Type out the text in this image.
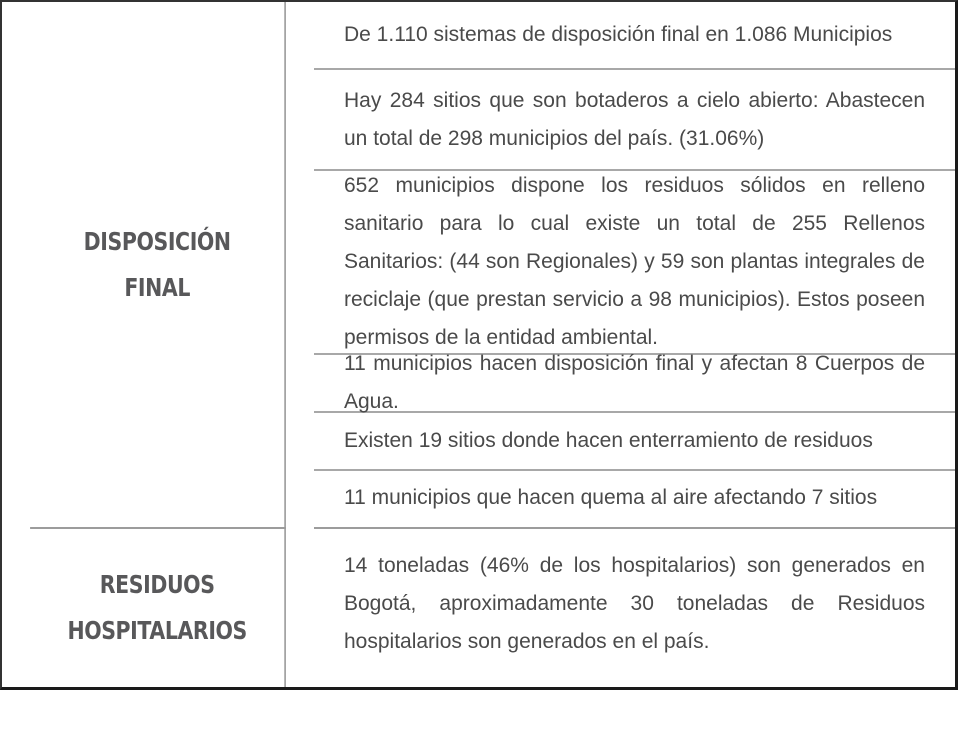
DISPOSICIÓN
FINAL
De 1.110 sistemas de disposición final en 1.086 Municipios
Hay 284 sitios que son botaderos a cielo abierto: Abastecen un total de 298 municipios del país. (31.06%)
652 municipios dispone los residuos sólidos en relleno sanitario para lo cual existe un total de 255 Rellenos Sanitarios: (44 son Regionales) y 59 son plantas integrales de reciclaje (que prestan servicio a 98 municipios). Estos poseen permisos de la entidad ambiental.
11 municipios hacen disposición final y afectan 8 Cuerpos de Agua.
Existen 19 sitios donde hacen enterramiento de residuos
11 municipios que hacen quema al aire afectando 7 sitios
RESIDUOS
HOSPITALARIOS
14 toneladas (46% de los hospitalarios) son generados en Bogotá, aproximadamente 30 toneladas de Residuos hospitalarios son generados en el país.
